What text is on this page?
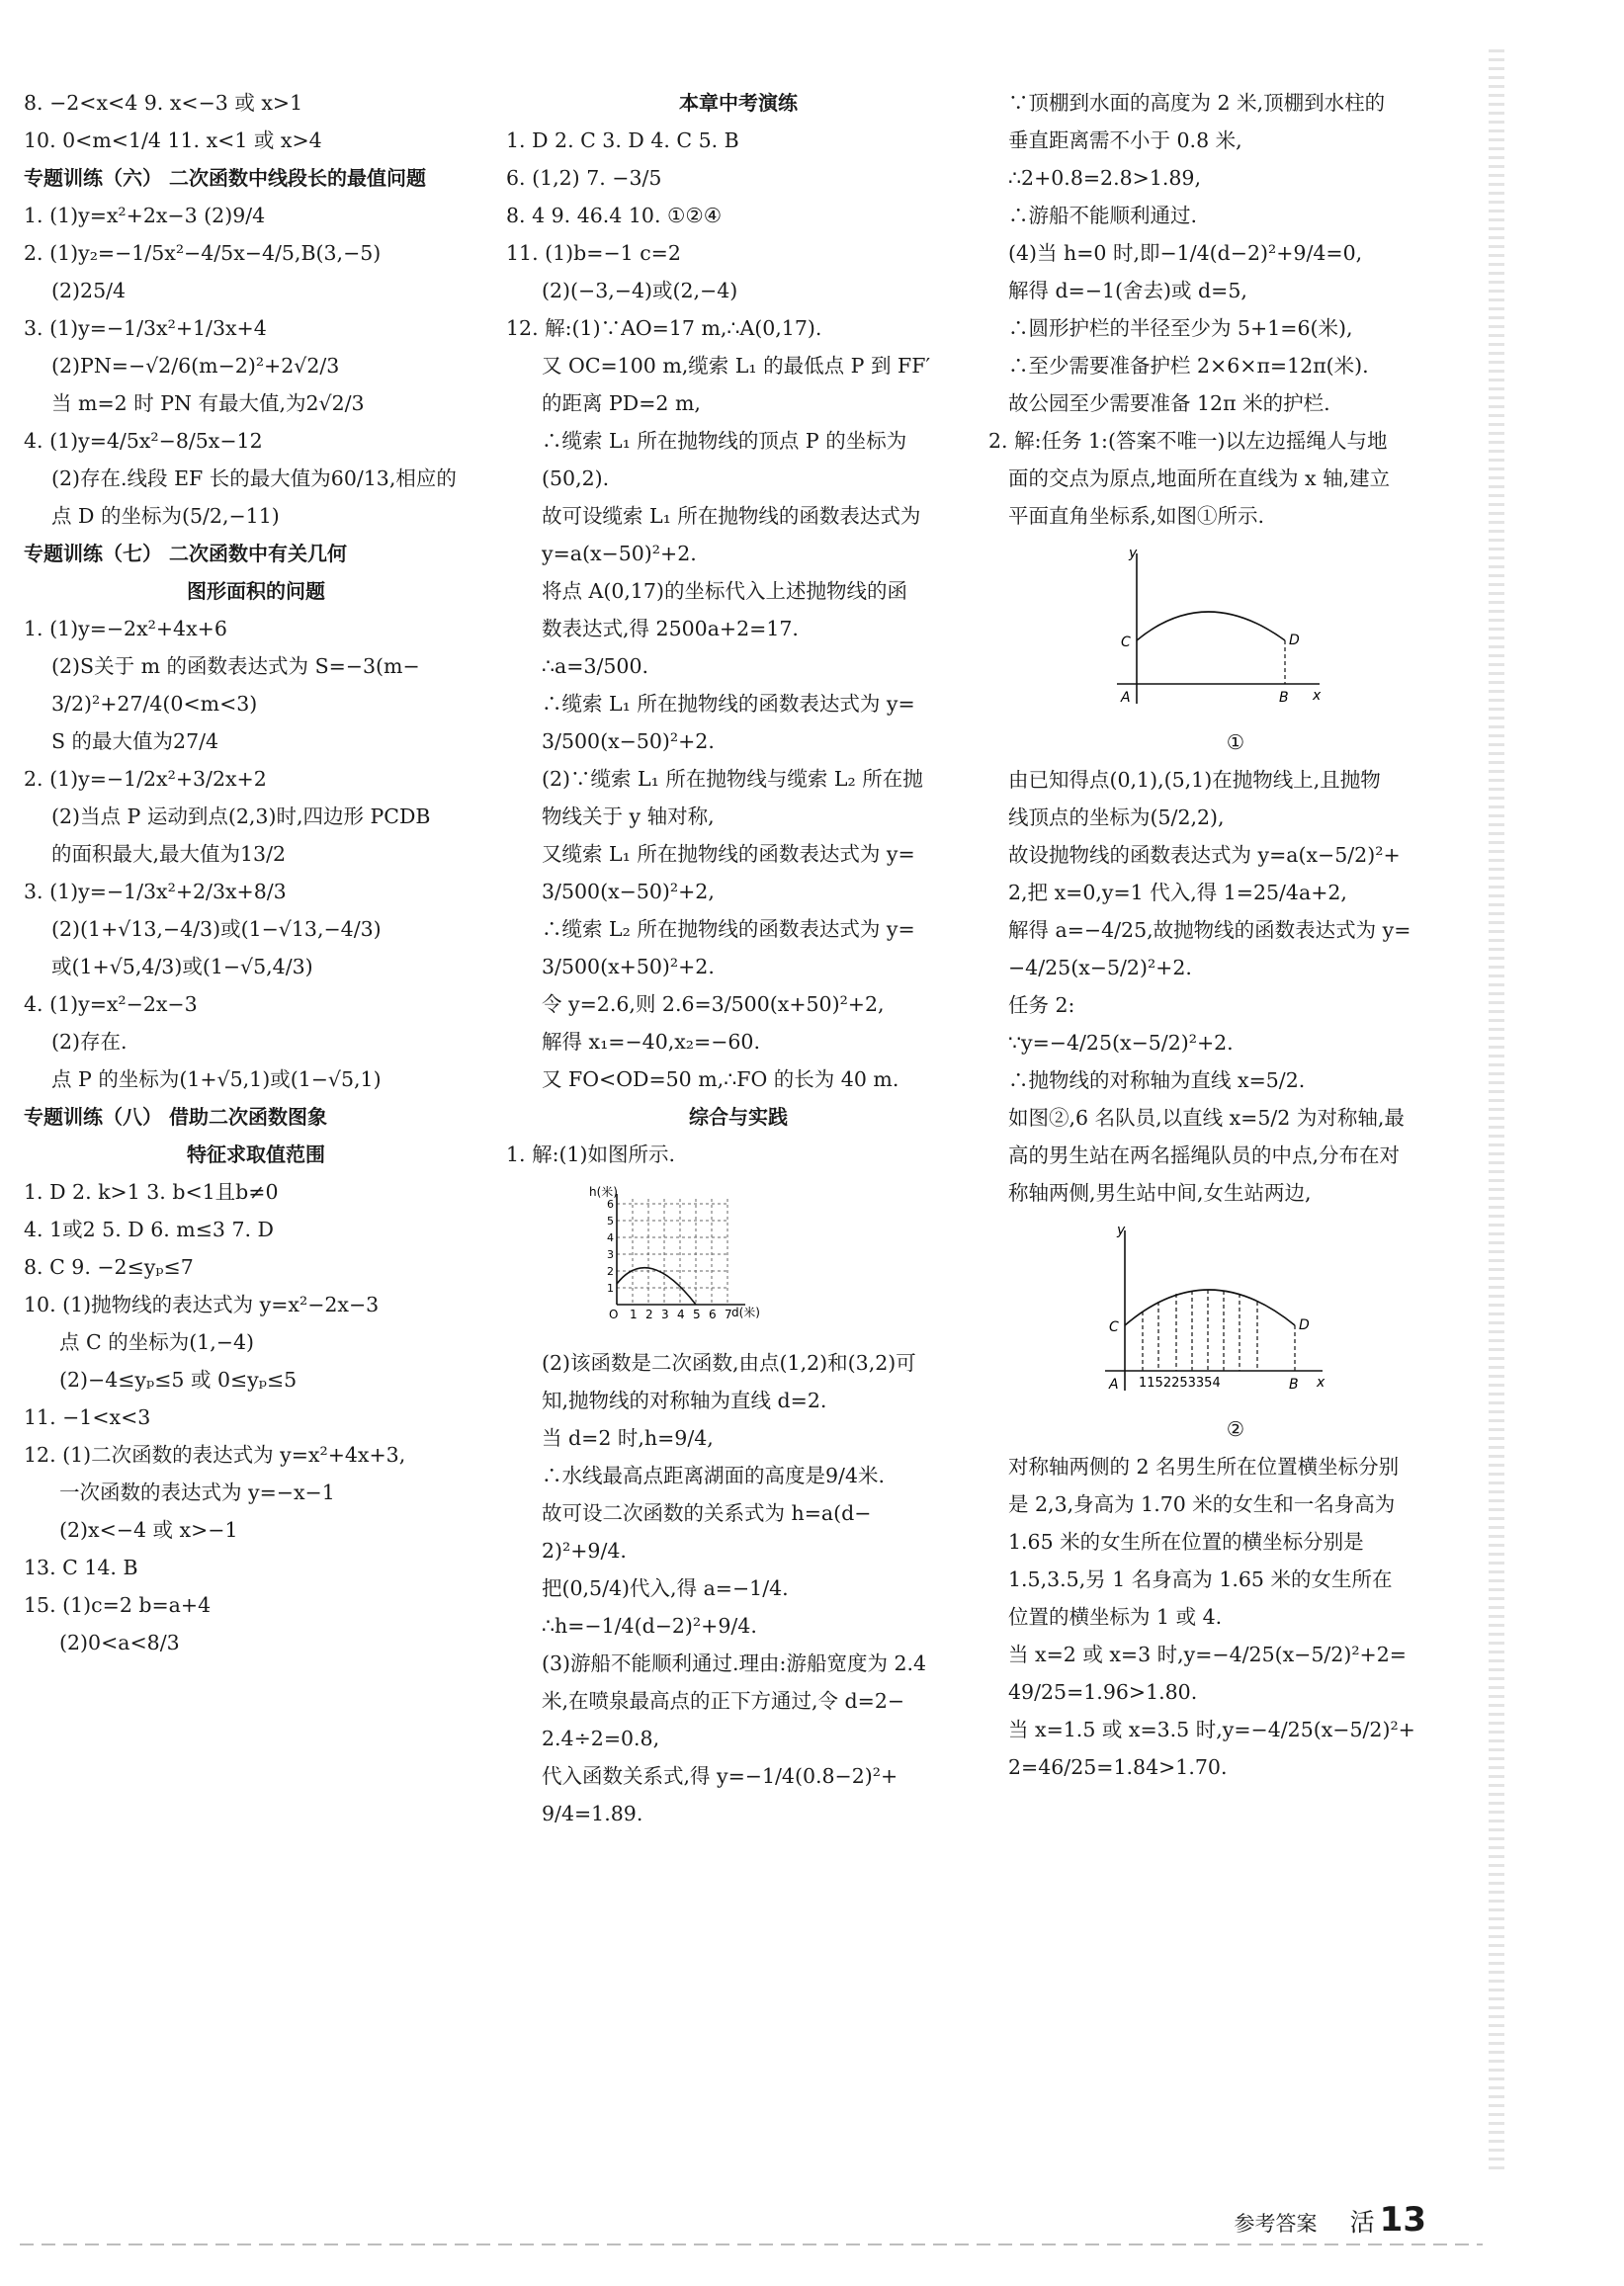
8. −2<x<4 9. x<−3 或 x>1
10. 0<m<1/4 11. x<1 或 x>4
专题训练（六） 二次函数中线段长的最值问题
1. (1)y=x²+2x−3 (2)9/4
2. (1)y₂=−1/5x²−4/5x−4/5,B(3,−5)
(2)25/4
3. (1)y=−1/3x²+1/3x+4
(2)PN=−√2/6(m−2)²+2√2/3
当 m=2 时 PN 有最大值,为2√2/3
4. (1)y=4/5x²−8/5x−12
(2)存在.线段 EF 长的最大值为60/13,相应的
点 D 的坐标为(5/2,−11)
专题训练（七） 二次函数中有关几何
图形面积的问题
1. (1)y=−2x²+4x+6
(2)S关于 m 的函数表达式为 S=−3(m−
3/2)²+27/4(0<m<3)
S 的最大值为27/4
2. (1)y=−1/2x²+3/2x+2
(2)当点 P 运动到点(2,3)时,四边形 PCDB
的面积最大,最大值为13/2
3. (1)y=−1/3x²+2/3x+8/3
(2)(1+√13,−4/3)或(1−√13,−4/3)
或(1+√5,4/3)或(1−√5,4/3)
4. (1)y=x²−2x−3
(2)存在.
点 P 的坐标为(1+√5,1)或(1−√5,1)
专题训练（八） 借助二次函数图象
特征求取值范围
1. D 2. k>1 3. b<1且b≠0
4. 1或2 5. D 6. m≤3 7. D
8. C 9. −2≤yₚ≤7
10. (1)抛物线的表达式为 y=x²−2x−3
点 C 的坐标为(1,−4)
(2)−4≤yₚ≤5 或 0≤yₚ≤5
11. −1<x<3
12. (1)二次函数的表达式为 y=x²+4x+3,
一次函数的表达式为 y=−x−1
(2)x<−4 或 x>−1
13. C 14. B
15. (1)c=2 b=a+4
(2)0<a<8/3
本章中考演练
1. D 2. C 3. D 4. C 5. B
6. (1,2) 7. −3/5
8. 4 9. 46.4 10. ①②④
11. (1)b=−1 c=2
(2)(−3,−4)或(2,−4)
12. 解:(1)∵AO=17 m,∴A(0,17).
又 OC=100 m,缆索 L₁ 的最低点 P 到 FF′
的距离 PD=2 m,
∴缆索 L₁ 所在抛物线的顶点 P 的坐标为
(50,2).
故可设缆索 L₁ 所在抛物线的函数表达式为
y=a(x−50)²+2.
将点 A(0,17)的坐标代入上述抛物线的函
数表达式,得 2500a+2=17.
∴a=3/500.
∴缆索 L₁ 所在抛物线的函数表达式为 y=
3/500(x−50)²+2.
(2)∵缆索 L₁ 所在抛物线与缆索 L₂ 所在抛
物线关于 y 轴对称,
又缆索 L₁ 所在抛物线的函数表达式为 y=
3/500(x−50)²+2,
∴缆索 L₂ 所在抛物线的函数表达式为 y=
3/500(x+50)²+2.
令 y=2.6,则 2.6=3/500(x+50)²+2,
解得 x₁=−40,x₂=−60.
又 FO<OD=50 m,∴FO 的长为 40 m.
综合与实践
1. 解:(1)如图所示.
h(米)
d(米)
1
2
3
4
5
6
O 1 2 3 4 5 6 7
(2)该函数是二次函数,由点(1,2)和(3,2)可
知,抛物线的对称轴为直线 d=2.
当 d=2 时,h=9/4,
∴水线最高点距离湖面的高度是9/4米.
故可设二次函数的关系式为 h=a(d−
2)²+9/4.
把(0,5/4)代入,得 a=−1/4.
∴h=−1/4(d−2)²+9/4.
(3)游船不能顺利通过.理由:游船宽度为 2.4
米,在喷泉最高点的正下方通过,令 d=2−
2.4÷2=0.8,
代入函数关系式,得 y=−1/4(0.8−2)²+
9/4=1.89.
∵顶棚到水面的高度为 2 米,顶棚到水柱的
垂直距离需不小于 0.8 米,
∴2+0.8=2.8>1.89,
∴游船不能顺利通过.
(4)当 h=0 时,即−1/4(d−2)²+9/4=0,
解得 d=−1(舍去)或 d=5,
∴圆形护栏的半径至少为 5+1=6(米),
∴至少需要准备护栏 2×6×π=12π(米).
故公园至少需要准备 12π 米的护栏.
2. 解:任务 1:(答案不唯一)以左边摇绳人与地
面的交点为原点,地面所在直线为 x 轴,建立
平面直角坐标系,如图①所示.
y
x
A	B
C	D
①
由已知得点(0,1),(5,1)在抛物线上,且抛物
线顶点的坐标为(5/2,2),
故设抛物线的函数表达式为 y=a(x−5/2)²+
2,把 x=0,y=1 代入,得 1=25/4a+2,
解得 a=−4/25,故抛物线的函数表达式为 y=
−4/25(x−5/2)²+2.
任务 2:
∵y=−4/25(x−5/2)²+2.
∴抛物线的对称轴为直线 x=5/2.
如图②,6 名队员,以直线 x=5/2 为对称轴,最
高的男生站在两名摇绳队员的中点,分布在对
称轴两侧,男生站中间,女生站两边,
y
x
A	B
C	D
1152253354
②
对称轴两侧的 2 名男生所在位置横坐标分别
是 2,3,身高为 1.70 米的女生和一名身高为
1.65 米的女生所在位置的横坐标分别是
1.5,3.5,另 1 名身高为 1.65 米的女生所在
位置的横坐标为 1 或 4.
当 x=2 或 x=3 时,y=−4/25(x−5/2)²+2=
49/25=1.96>1.80.
当 x=1.5 或 x=3.5 时,y=−4/25(x−5/2)²+
2=46/25=1.84>1.70.
参考答案 活 13
